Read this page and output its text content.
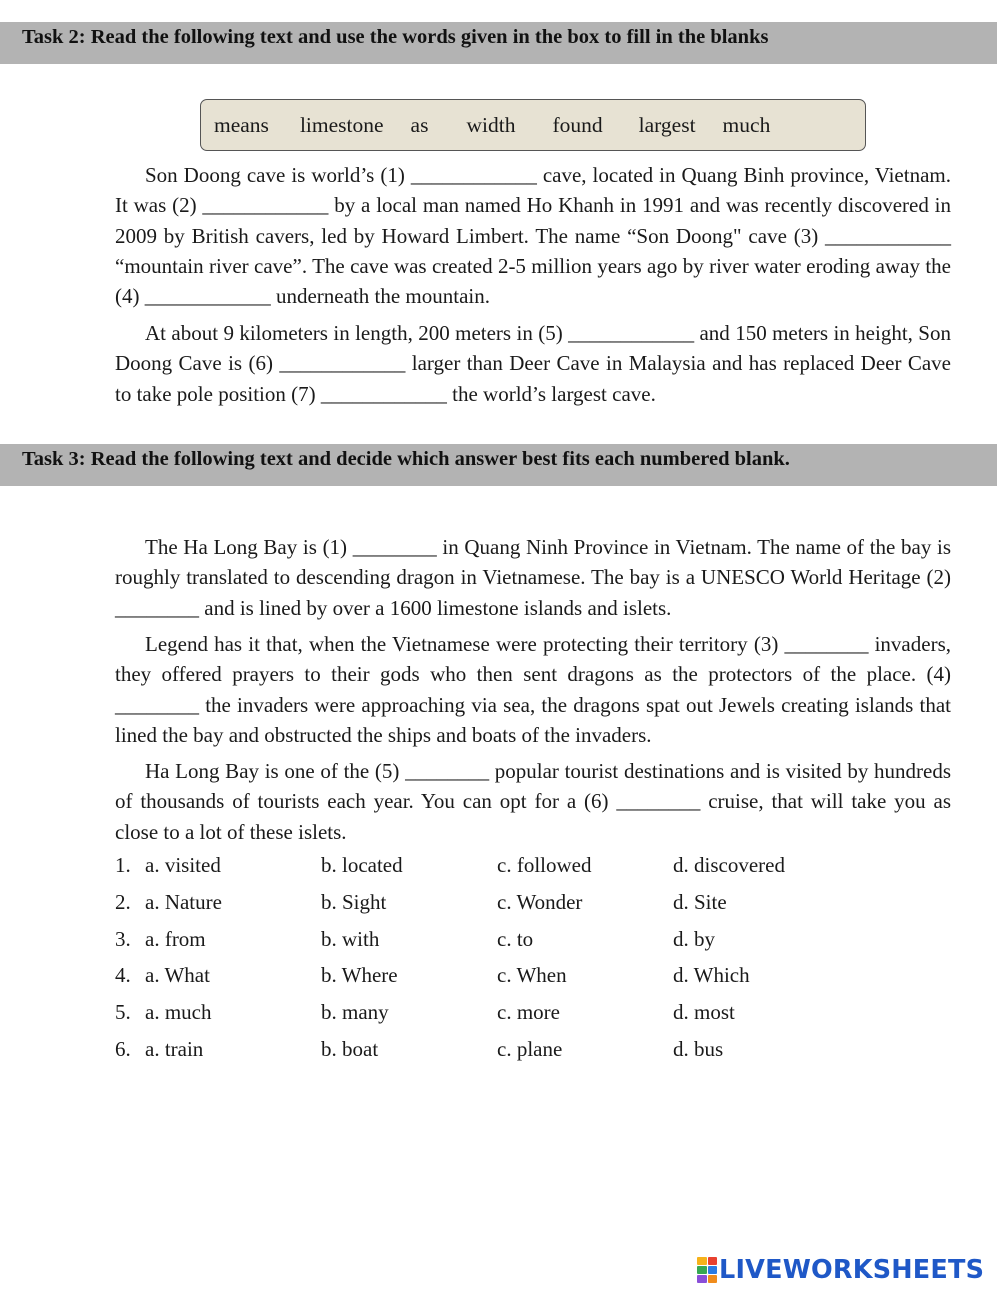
Task 2: Read the following text and use the words given in the box to fill in the blanks
means limestone as width found largest much

Son Doong cave is world’s (1) ____________ cave, located in Quang Binh province, Vietnam. It was (2) ____________ by a local man named Ho Khanh in 1991 and was recently discovered in 2009 by British cavers, led by Howard Limbert. The name “Son Doong" cave (3) ____________ “mountain river cave”. The cave was created 2-5 million years ago by river water eroding away the (4) ____________ underneath the mountain.

At about 9 kilometers in length, 200 meters in (5) ____________ and 150 meters in height, Son Doong Cave is (6) ____________ larger than Deer Cave in Malaysia and has replaced Deer Cave to take pole position (7) ____________ the world’s largest cave.

Task 3: Read the following text and decide which answer best fits each numbered blank.

The Ha Long Bay is (1) ________ in Quang Ninh Province in Vietnam. The name of the bay is roughly translated to descending dragon in Vietnamese. The bay is a UNESCO World Heritage (2) ________ and is lined by over a 1600 limestone islands and islets.

Legend has it that, when the Vietnamese were protecting their territory (3) ________ invaders, they offered prayers to their gods who then sent dragons as the protectors of the place. (4) ________ the invaders were approaching via sea, the dragons spat out Jewels creating islands that lined the bay and obstructed the ships and boats of the invaders.

Ha Long Bay is one of the (5) ________ popular tourist destinations and is visited by hundreds of thousands of tourists each year. You can opt for a (6) ________ cruise, that will take you as close to a lot of these islets.

1. a. visited	b. located	c. followed	d. discovered
2. a. Nature	b. Sight	c. Wonder	d. Site
3. a. from	b. with	c. to	d. by
4. a. What	b. Where	c. When	d. Which
5. a. much	b. many	c. more	d. most
6. a. train	b. boat	c. plane	d. bus
LIVEWORKSHEETS
